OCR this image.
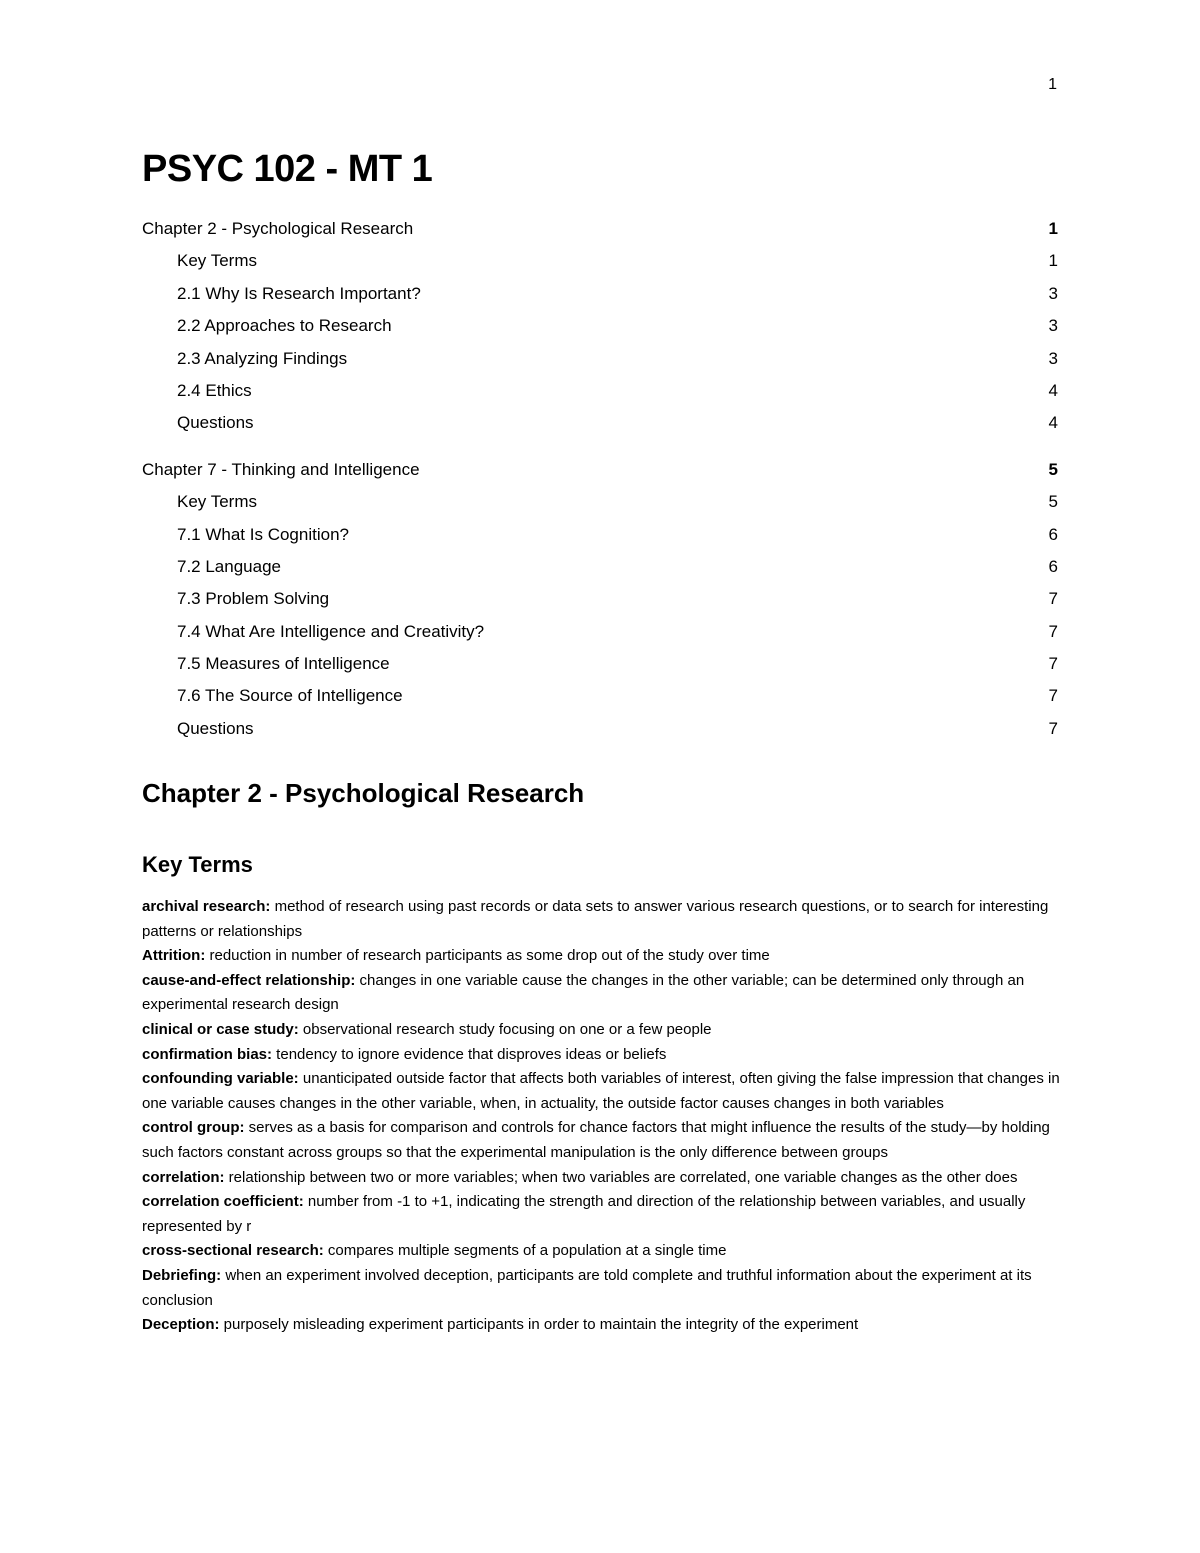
1
PSYC 102 - MT 1
Chapter 2 - Psychological Research	1
Key Terms	1
2.1 Why Is Research Important?	3
2.2 Approaches to Research	3
2.3 Analyzing Findings	3
2.4 Ethics	4
Questions	4
Chapter 7 - Thinking and Intelligence	5
Key Terms	5
7.1 What Is Cognition?	6
7.2 Language	6
7.3 Problem Solving	7
7.4 What Are Intelligence and Creativity?	7
7.5 Measures of Intelligence	7
7.6 The Source of Intelligence	7
Questions	7
Chapter 2 - Psychological Research
Key Terms

archival research: method of research using past records or data sets to answer various research questions, or to search for interesting patterns or relationships

Attrition: reduction in number of research participants as some drop out of the study over time

cause-and-effect relationship: changes in one variable cause the changes in the other variable; can be determined only through an experimental research design

clinical or case study: observational research study focusing on one or a few people

confirmation bias: tendency to ignore evidence that disproves ideas or beliefs

confounding variable: unanticipated outside factor that affects both variables of interest, often giving the false impression that changes in one variable causes changes in the other variable, when, in actuality, the outside factor causes changes in both variables

control group: serves as a basis for comparison and controls for chance factors that might influence the results of the study—by holding such factors constant across groups so that the experimental manipulation is the only difference between groups

correlation: relationship between two or more variables; when two variables are correlated, one variable changes as the other does

correlation coefficient: number from -1 to +1, indicating the strength and direction of the relationship between variables, and usually represented by r

cross-sectional research: compares multiple segments of a population at a single time

Debriefing: when an experiment involved deception, participants are told complete and truthful information about the experiment at its conclusion

Deception: purposely misleading experiment participants in order to maintain the integrity of the experiment
